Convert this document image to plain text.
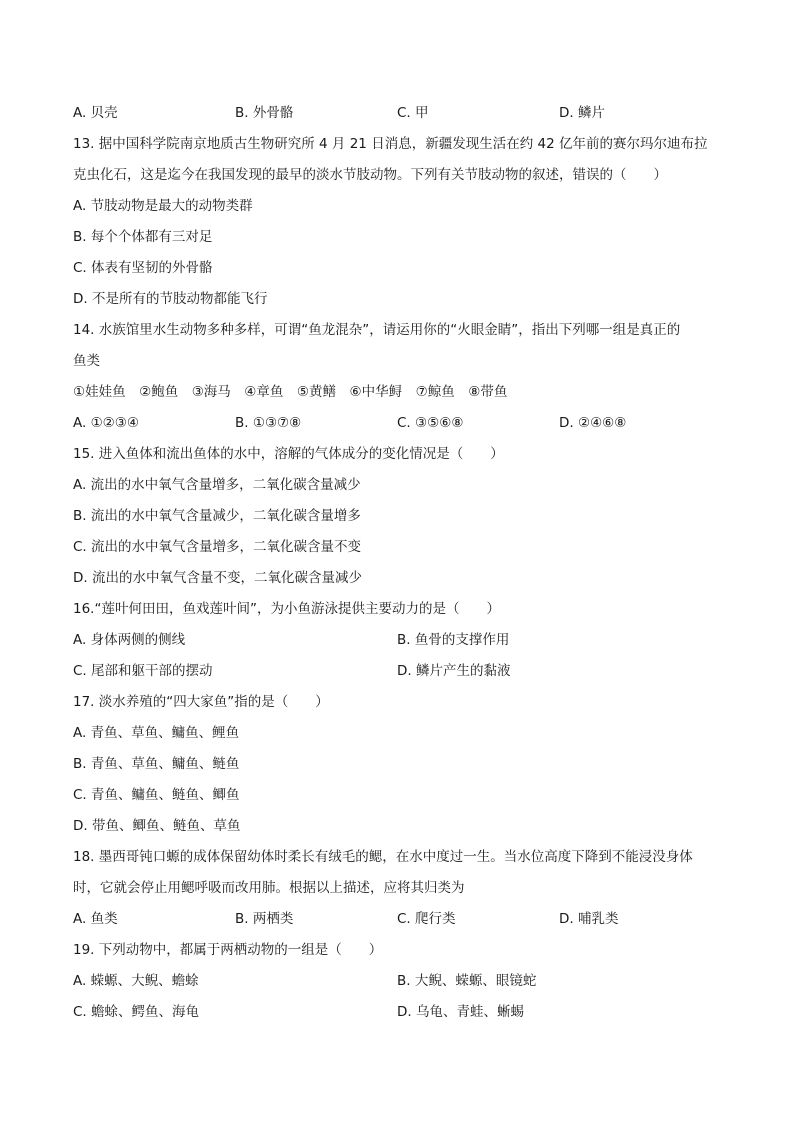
A. 贝壳	B. 外骨骼	C. 甲	D. 鳞片
13. 据中国科学院南京地质古生物研究所 4 月 21 日消息，新疆发现生活在约 42 亿年前的赛尔玛尔迪布拉
克虫化石，这是迄今在我国发现的最早的淡水节肢动物。下列有关节肢动物的叙述，错误的（　　）
A. 节肢动物是最大的动物类群
B. 每个个体都有三对足
C. 体表有坚韧的外骨骼
D. 不是所有的节肢动物都能飞行
14. 水族馆里水生动物多种多样，可谓“鱼龙混杂”，请运用你的“火眼金睛”，指出下列哪一组是真正的
鱼类
①娃娃鱼　②鲍鱼　③海马　④章鱼　⑤黄鳝　⑥中华鲟　⑦鲸鱼　⑧带鱼
A. ①②③④	B. ①③⑦⑧	C. ③⑤⑥⑧	D. ②④⑥⑧
15. 进入鱼体和流出鱼体的水中，溶解的气体成分的变化情况是（　　）
A. 流出的水中氧气含量增多，二氧化碳含量减少
B. 流出的水中氧气含量减少，二氧化碳含量增多
C. 流出的水中氧气含量增多，二氧化碳含量不变
D. 流出的水中氧气含量不变，二氧化碳含量减少
16.“莲叶何田田，鱼戏莲叶间”，为小鱼游泳提供主要动力的是（　　）
A. 身体两侧的侧线	B. 鱼骨的支撑作用
C. 尾部和躯干部的摆动	D. 鳞片产生的黏液
17. 淡水养殖的“四大家鱼”指的是（　　）
A. 青鱼、草鱼、鳙鱼、鲤鱼
B. 青鱼、草鱼、鳙鱼、鲢鱼
C. 青鱼、鳙鱼、鲢鱼、鲫鱼
D. 带鱼、鲫鱼、鲢鱼、草鱼
18. 墨西哥钝口螈的成体保留幼体时柔长有绒毛的鳃，在水中度过一生。当水位高度下降到不能浸没身体
时，它就会停止用鳃呼吸而改用肺。根据以上描述，应将其归类为
A. 鱼类	B. 两栖类	C. 爬行类	D. 哺乳类
19. 下列动物中，都属于两栖动物的一组是（　　）
A. 蝾螈、大鲵、蟾蜍	B. 大鲵、蝾螈、眼镜蛇
C. 蟾蜍、鳄鱼、海龟	D. 乌龟、青蛙、蜥蜴
